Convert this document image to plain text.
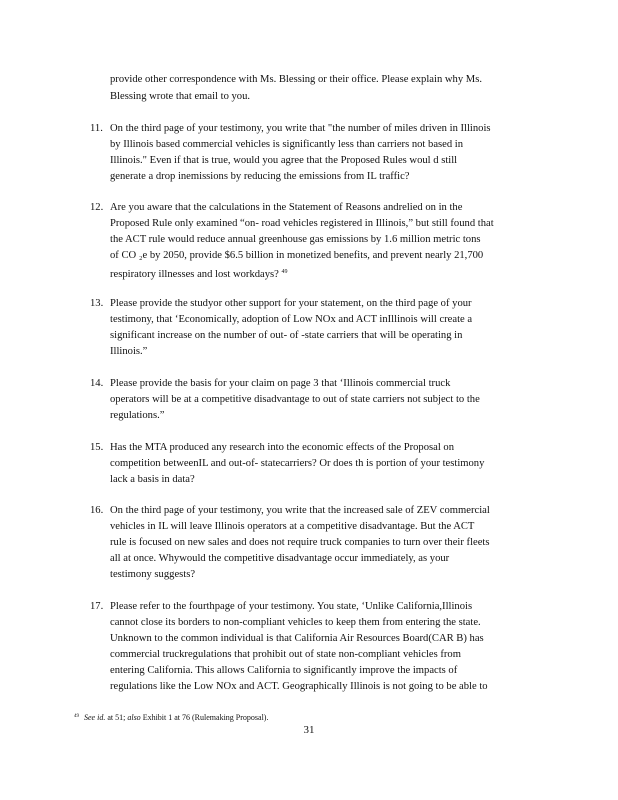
provide other correspondence with Ms. Blessing or their office. Please explain why Ms.
Blessing wrote that email to you.
11. On the third page of your testimony, you write that "the number of miles driven in Illinois
by Illinois based commercial vehicles is significantly less than carriers not based in
Illinois." Even if that is true, would you agree that the Proposed Rules woul d still
generate a drop inemissions by reducing the emissions from IL traffic?
12. Are you aware that the calculations in the Statement of Reasons andrelied on in the
Proposed Rule only examined “on- road vehicles registered in Illinois,” but still found that
the ACT rule would reduce annual greenhouse gas emissions by 1.6 million metric tons
of CO ₂e by 2050, provide $6.5 billion in monetized benefits, and prevent nearly 21,700
respiratory illnesses and lost workdays? $^{49}$
13. Please provide the studyor other support for your statement, on the third page of your
testimony, that ‘Economically, adoption of Low NOx and ACT inIllinois will create a
significant increase on the number of out- of -state carriers that will be operating in
Illinois.”
14. Please provide the basis for your claim on page 3 that ‘Illinois commercial truck
operators will be at a competitive disadvantage to out of state carriers not subject to the
regulations.”
15. Has the MTA produced any research into the economic effects of the Proposal on
competition betweenIL and out-of- statecarriers? Or does th is portion of your testimony
lack a basis in data?
16. On the third page of your testimony, you write that the increased sale of ZEV commercial
vehicles in IL will leave Illinois operators at a competitive disadvantage. But the ACT
rule is focused on new sales and does not require truck companies to turn over their fleets
all at once. Whywould the competitive disadvantage occur immediately, as your
testimony suggests?
17. Please refer to the fourthpage of your testimony. You state, ‘Unlike California,Illinois
cannot close its borders to non-compliant vehicles to keep them from entering the state.
Unknown to the common individual is that California Air Resources Board(CAR B) has
commercial truckregulations that prohibit out of state non-compliant vehicles from
entering California. This allows California to significantly improve the impacts of
regulations like the Low NOx and ACT. Geographically Illinois is not going to be able to
$^{49}$ See id. at 51; also Exhibit 1 at 76 (Rulemaking Proposal).
31
